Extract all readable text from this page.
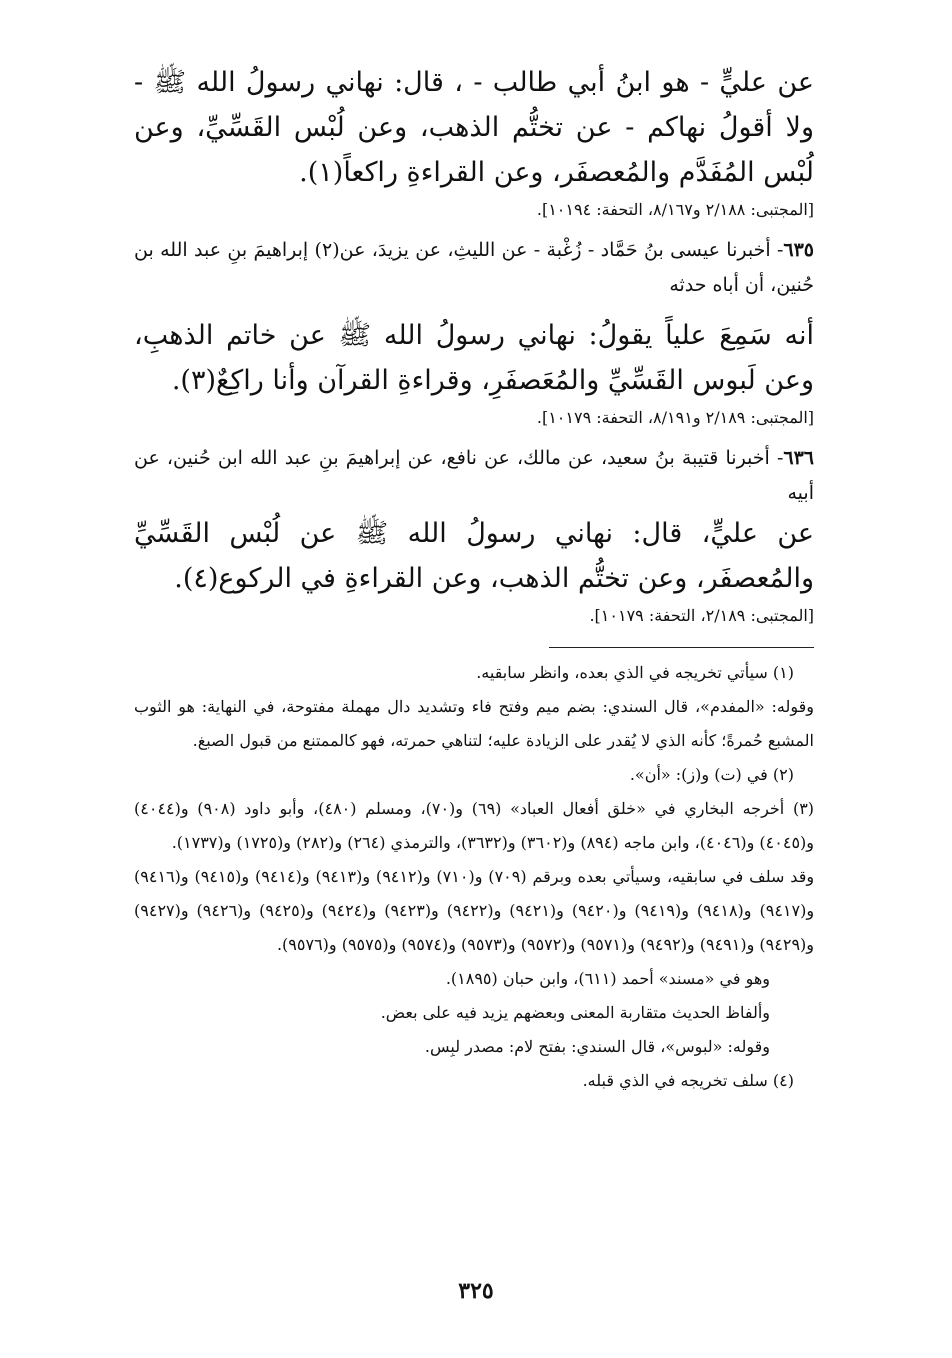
عن عليٍّ - هو ابنُ أبي طالب - ، قال: نهاني رسولُ الله ﷺ - ولا أقولُ نهاكم - عن تختُّم الذهب، وعن لُبْس القَسِّيِّ، وعن لُبْس المُفَدَّم والمُعصفَر، وعن القراءةِ راكعاً(١).

[المجتبى: ٢/١٨٨ و٨/١٦٧، التحفة: ١٠١٩٤].

٦٣٥- أخبرنا عيسى بنُ حَمَّاد - زُغْبة - عن الليثِ، عن يزيدَ، عن(٢) إبراهيمَ بنِ عبد الله بن حُنين، أن أباه حدثه

أنه سَمِعَ علياً يقولُ: نهاني رسولُ الله ﷺ عن خاتم الذهبِ، وعن لَبوس القَسِّيِّ والمُعَصفَرِ، وقراءةِ القرآن وأنا راكِعٌ(٣).

[المجتبى: ٢/١٨٩ و٨/١٩١، التحفة: ١٠١٧٩].

٦٣٦- أخبرنا قتيبة بنُ سعيد، عن مالك، عن نافع، عن إبراهيمَ بنِ عبد الله ابن حُنين، عن أبيه

عن عليٍّ، قال: نهاني رسولُ الله ﷺ عن لُبْس القَسِّيِّ والمُعصفَر، وعن تختُّم الذهب، وعن القراءةِ في الركوع(٤).

[المجتبى: ٢/١٨٩، التحفة: ١٠١٧٩].

(١) سيأتي تخريجه في الذي بعده، وانظر سابقيه.

وقوله: «المفدم»، قال السندي: بضم ميم وفتح فاء وتشديد دال مهملة مفتوحة، في النهاية: هو الثوب المشبع حُمرةً؛ كأنه الذي لا يُقدر على الزيادة عليه؛ لتناهي حمرته، فهو كالممتنع من قبول الصبغ.

(٢) في (ت) و(ز): «أن».

(٣) أخرجه البخاري في «خلق أفعال العباد» (٦٩) و(٧٠)، ومسلم (٤٨٠)، وأبو داود (٩٠٨) و(٤٠٤٤) و(٤٠٤٥) و(٤٠٤٦)، وابن ماجه (٨٩٤) و(٣٦٠٢) و(٣٦٣٢)، والترمذي (٢٦٤) و(٢٨٢) و(١٧٢٥) و(١٧٣٧).

وقد سلف في سابقيه، وسيأتي بعده وبرقم (٧٠٩) و(٧١٠) و(٩٤١٢) و(٩٤١٣) و(٩٤١٤) و(٩٤١٥) و(٩٤١٦) و(٩٤١٧) و(٩٤١٨) و(٩٤١٩) و(٩٤٢٠) و(٩٤٢١) و(٩٤٢٢) و(٩٤٢٣) و(٩٤٢٤) و(٩٤٢٥) و(٩٤٢٦) و(٩٤٢٧) و(٩٤٢٩) و(٩٤٩١) و(٩٤٩٢) و(٩٥٧١) و(٩٥٧٢) و(٩٥٧٣) و(٩٥٧٤) و(٩٥٧٥) و(٩٥٧٦).

وهو في «مسند» أحمد (٦١١)، وابن حبان (١٨٩٥).

وألفاظ الحديث متقاربة المعنى وبعضهم يزيد فيه على بعض.

وقوله: «لبوس»، قال السندي: بفتح لام: مصدر لبِس.

(٤) سلف تخريجه في الذي قبله.

٣٢٥
